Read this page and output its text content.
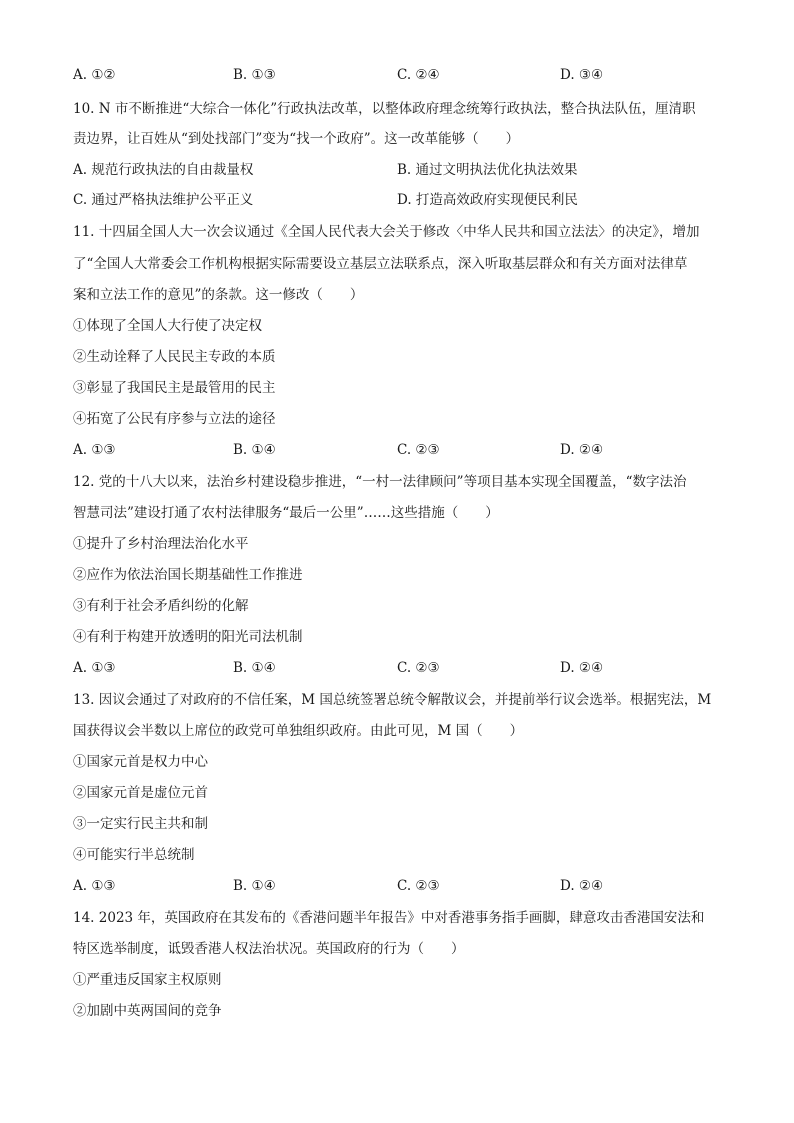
A. ①②	B. ①③	C. ②④	D. ③④
10. N 市不断推进“大综合一体化”行政执法改革，以整体政府理念统筹行政执法，整合执法队伍，厘清职
责边界，让百姓从“到处找部门”变为“找一个政府”。这一改革能够（　　）
A. 规范行政执法的自由裁量权	B. 通过文明执法优化执法效果
C. 通过严格执法维护公平正义	D. 打造高效政府实现便民利民
11. 十四届全国人大一次会议通过《全国人民代表大会关于修改〈中华人民共和国立法法〉的决定》，增加
了“全国人大常委会工作机构根据实际需要设立基层立法联系点，深入听取基层群众和有关方面对法律草
案和立法工作的意见”的条款。这一修改（　　）
①体现了全国人大行使了决定权
②生动诠释了人民民主专政的本质
③彰显了我国民主是最管用的民主
④拓宽了公民有序参与立法的途径
A. ①③	B. ①④	C. ②③	D. ②④
12. 党的十八大以来，法治乡村建设稳步推进，“一村一法律顾问”等项目基本实现全国覆盖，“数字法治
智慧司法”建设打通了农村法律服务“最后一公里”……这些措施（　　）
①提升了乡村治理法治化水平
②应作为依法治国长期基础性工作推进
③有利于社会矛盾纠纷的化解
④有利于构建开放透明的阳光司法机制
A. ①③	B. ①④	C. ②③	D. ②④
13. 因议会通过了对政府的不信任案，M 国总统签署总统令解散议会，并提前举行议会选举。根据宪法，M
国获得议会半数以上席位的政党可单独组织政府。由此可见，M 国（　　）
①国家元首是权力中心
②国家元首是虚位元首
③一定实行民主共和制
④可能实行半总统制
A. ①③	B. ①④	C. ②③	D. ②④
14. 2023 年，英国政府在其发布的《香港问题半年报告》中对香港事务指手画脚，肆意攻击香港国安法和
特区选举制度，诋毁香港人权法治状况。英国政府的行为（　　）
①严重违反国家主权原则
②加剧中英两国间的竞争
